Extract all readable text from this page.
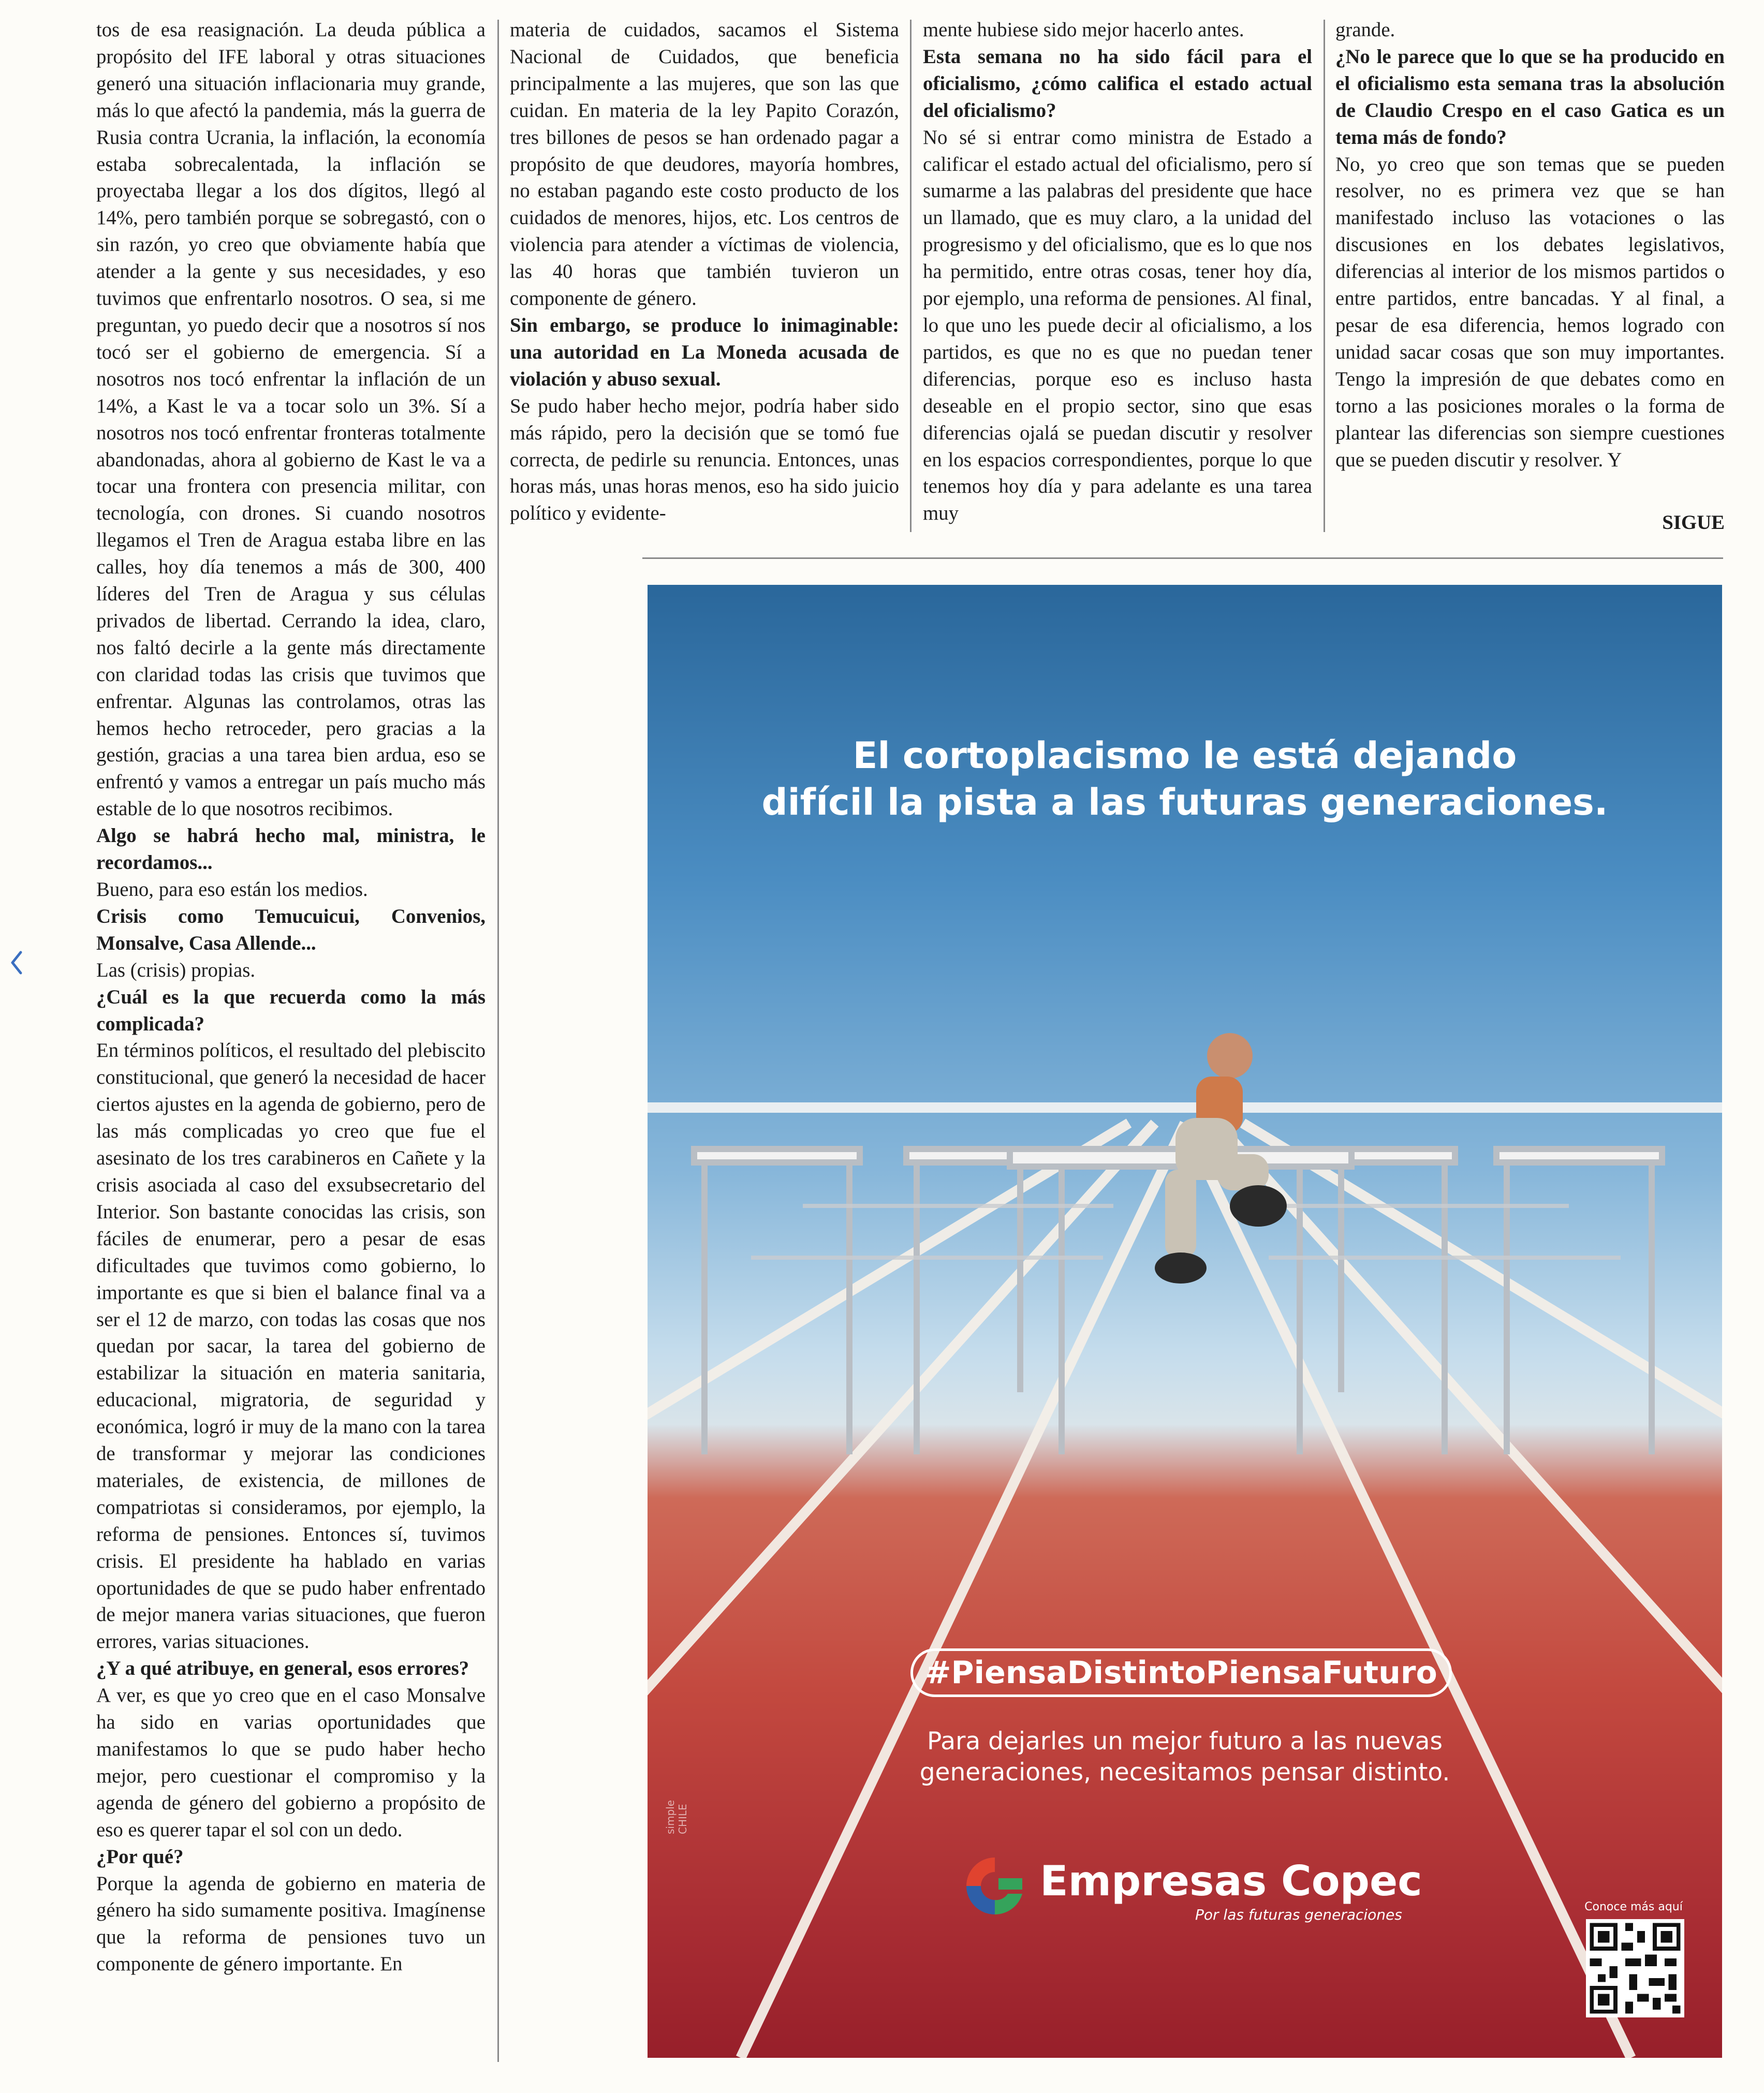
tos de esa reasignación. La deuda pública a propósito del IFE laboral y otras situaciones generó una situación inflacionaria muy grande, más lo que afectó la pandemia, más la guerra de Rusia contra Ucrania, la inflación, la economía estaba sobrecalentada, la inflación se proyectaba llegar a los dos dígitos, llegó al 14%, pero también porque se sobregastó, con o sin razón, yo creo que obviamente había que atender a la gente y sus necesidades, y eso tuvimos que enfrentarlo nosotros. O sea, si me preguntan, yo puedo decir que a nosotros sí nos tocó ser el gobierno de emergencia. Sí a nosotros nos tocó enfrentar la inflación de un 14%, a Kast le va a tocar solo un 3%. Sí a nosotros nos tocó enfrentar fronteras totalmente abandonadas, ahora al gobierno de Kast le va a tocar una frontera con presencia militar, con tecnología, con drones. Si cuando nosotros llegamos el Tren de Aragua estaba libre en las calles, hoy día tenemos a más de 300, 400 líderes del Tren de Aragua y sus células privados de libertad. Cerrando la idea, claro, nos faltó decirle a la gente más directamente con claridad todas las crisis que tuvimos que enfrentar. Algunas las controlamos, otras las hemos hecho retroceder, pero gracias a la gestión, gracias a una tarea bien ardua, eso se enfrentó y vamos a entregar un país mucho más estable de lo que nosotros recibimos.

Algo se habrá hecho mal, ministra, le recordamos...

Bueno, para eso están los medios.

Crisis como Temucuicui, Convenios, Monsalve, Casa Allende...

Las (crisis) propias.

¿Cuál es la que recuerda como la más complicada?

En términos políticos, el resultado del plebiscito constitucional, que generó la necesidad de hacer ciertos ajustes en la agenda de gobierno, pero de las más complicadas yo creo que fue el asesinato de los tres carabineros en Cañete y la crisis asociada al caso del exsubsecretario del Interior. Son bastante conocidas las crisis, son fáciles de enumerar, pero a pesar de esas dificultades que tuvimos como gobierno, lo importante es que si bien el balance final va a ser el 12 de marzo, con todas las cosas que nos quedan por sacar, la tarea del gobierno de estabilizar la situación en materia sanitaria, educacional, migratoria, de seguridad y económica, logró ir muy de la mano con la tarea de transformar y mejorar las condiciones materiales, de existencia, de millones de compatriotas si consideramos, por ejemplo, la reforma de pensiones. Entonces sí, tuvimos crisis. El presidente ha hablado en varias oportunidades de que se pudo haber enfrentado de mejor manera varias situaciones, que fueron errores, varias situaciones.

¿Y a qué atribuye, en general, esos errores?

A ver, es que yo creo que en el caso Monsalve ha sido en varias oportunidades que manifestamos lo que se pudo haber hecho mejor, pero cuestionar el compromiso y la agenda de género del gobierno a propósito de eso es querer tapar el sol con un dedo.

¿Por qué?

Porque la agenda de gobierno en materia de género ha sido sumamente positiva. Imagínense que la reforma de pensiones tuvo un componente de género importante. En

materia de cuidados, sacamos el Sistema Nacional de Cuidados, que beneficia principalmente a las mujeres, que son las que cuidan. En materia de la ley Papito Corazón, tres billones de pesos se han ordenado pagar a propósito de que deudores, mayoría hombres, no estaban pagando este costo producto de los cuidados de menores, hijos, etc. Los centros de violencia para atender a víctimas de violencia, las 40 horas que también tuvieron un componente de género.

Sin embargo, se produce lo inimaginable: una autoridad en La Moneda acusada de violación y abuso sexual.

Se pudo haber hecho mejor, podría haber sido más rápido, pero la decisión que se tomó fue correcta, de pedirle su renuncia. Entonces, unas horas más, unas horas menos, eso ha sido juicio político y evidente-

mente hubiese sido mejor hacerlo antes.

Esta semana no ha sido fácil para el oficialismo, ¿cómo califica el estado actual del oficialismo?

No sé si entrar como ministra de Estado a calificar el estado actual del oficialismo, pero sí sumarme a las palabras del presidente que hace un llamado, que es muy claro, a la unidad del progresismo y del oficialismo, que es lo que nos ha permitido, entre otras cosas, tener hoy día, por ejemplo, una reforma de pensiones. Al final, lo que uno les puede decir al oficialismo, a los partidos, es que no es que no puedan tener diferencias, porque eso es incluso hasta deseable en el propio sector, sino que esas diferencias ojalá se puedan discutir y resolver en los espacios correspondientes, porque lo que tenemos hoy día y para adelante es una tarea muy

grande.

¿No le parece que lo que se ha producido en el oficialismo esta semana tras la absolución de Claudio Crespo en el caso Gatica es un tema más de fondo?

No, yo creo que son temas que se pueden resolver, no es primera vez que se han manifestado incluso las votaciones o las discusiones en los debates legislativos, diferencias al interior de los mismos partidos o entre partidos, entre bancadas. Y al final, a pesar de esa diferencia, hemos logrado con unidad sacar cosas que son muy importantes. Tengo la impresión de que debates como en torno a las posiciones morales o la forma de plantear las diferencias son siempre cuestiones que se pueden discutir y resolver. Y

SIGUE

El cortoplacismo le está dejando
difícil la pista a las futuras generaciones.
#PiensaDistintoPiensaFuturo
Para dejarles un mejor futuro a las nuevas
generaciones, necesitamos pensar distinto.
Empresas Copec
Por las futuras generaciones
simple CHILE
Conoce más aquí
